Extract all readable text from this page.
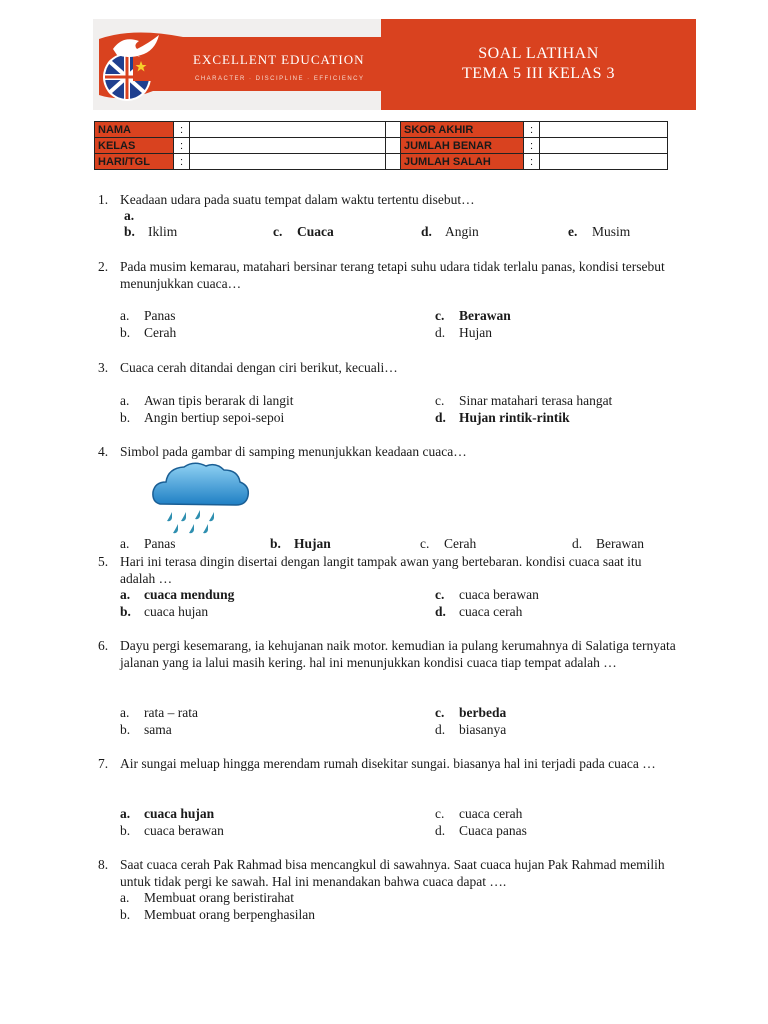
EXCELLENT EDUCATION
CHARACTER · DISCIPLINE · EFFICIENCY
SOAL LATIHAN
TEMA 5 III KELAS 3
NAMA	:			SKOR AKHIR	:	
KELAS	:			JUMLAH BENAR	:	
HARI/TGL	:			JUMLAH SALAH	:	
1. Keadaan udara pada suatu tempat dalam waktu tertentu disebut…
a.
b. Iklim	c. Cuaca	d. Angin	e. Musim
2. Pada musim kemarau, matahari bersinar terang tetapi suhu udara tidak terlalu panas, kondisi tersebut menunjukkan cuaca…
a. Panas	c. Berawan
b. Cerah	d. Hujan
3. Cuaca cerah ditandai dengan ciri berikut, kecuali…
a. Awan tipis berarak di langit	c. Sinar matahari terasa hangat
b. Angin bertiup sepoi-sepoi	d. Hujan rintik-rintik
4. Simbol pada gambar di samping menunjukkan keadaan cuaca…
a. Panas	b. Hujan	c. Cerah	d. Berawan
5. Hari ini terasa dingin disertai dengan langit tampak awan yang bertebaran. kondisi cuaca saat itu adalah …
a. cuaca mendung	c. cuaca berawan
b. cuaca hujan	d. cuaca cerah
6. Dayu pergi kesemarang, ia kehujanan naik motor. kemudian ia pulang kerumahnya di Salatiga ternyata jalanan yang ia lalui masih kering. hal ini menunjukkan kondisi cuaca tiap tempat adalah …
a. rata – rata	c. berbeda
b. sama	d. biasanya
7. Air sungai meluap hingga merendam rumah disekitar sungai. biasanya hal ini terjadi pada cuaca …
a. cuaca hujan	c. cuaca cerah
b. cuaca berawan	d. Cuaca panas
8. Saat cuaca cerah Pak Rahmad bisa mencangkul di sawahnya. Saat cuaca hujan Pak Rahmad memilih untuk tidak pergi ke sawah. Hal ini menandakan bahwa cuaca dapat ….
a. Membuat orang beristirahat
b. Membuat orang berpenghasilan
